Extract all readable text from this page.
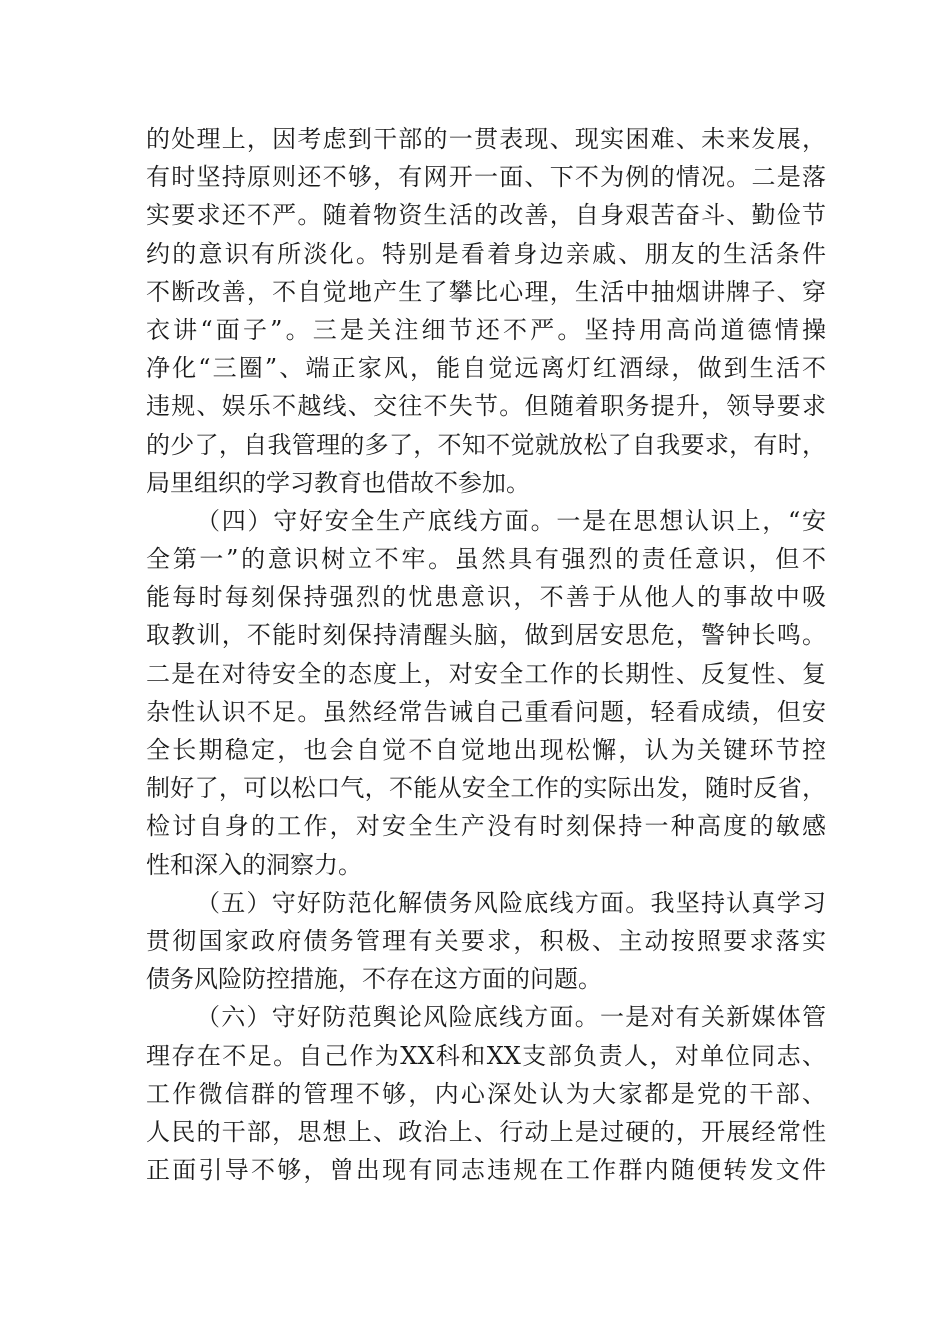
的处理上，因考虑到干部的一贯表现、现实困难、未来发展，
有时坚持原则还不够，有网开一面、下不为例的情况。二是落
实要求还不严。随着物资生活的改善，自身艰苦奋斗、勤俭节
约的意识有所淡化。特别是看着身边亲戚、朋友的生活条件
不断改善，不自觉地产生了攀比心理，生活中抽烟讲牌子、穿
衣讲“面子”。三是关注细节还不严。坚持用高尚道德情操
净化“三圈”、端正家风，能自觉远离灯红酒绿，做到生活不
违规、娱乐不越线、交往不失节。但随着职务提升，领导要求
的少了，自我管理的多了，不知不觉就放松了自我要求，有时，
局里组织的学习教育也借故不参加。
（四）守好安全生产底线方面。一是在思想认识上，“安
全第一”的意识树立不牢。虽然具有强烈的责任意识，但不
能每时每刻保持强烈的忧患意识，不善于从他人的事故中吸
取教训，不能时刻保持清醒头脑，做到居安思危，警钟长鸣。
二是在对待安全的态度上，对安全工作的长期性、反复性、复
杂性认识不足。虽然经常告诫自己重看问题，轻看成绩，但安
全长期稳定，也会自觉不自觉地出现松懈，认为关键环节控
制好了，可以松口气，不能从安全工作的实际出发，随时反省，
检讨自身的工作，对安全生产没有时刻保持一种高度的敏感
性和深入的洞察力。
（五）守好防范化解债务风险底线方面。我坚持认真学习
贯彻国家政府债务管理有关要求，积极、主动按照要求落实
债务风险防控措施，不存在这方面的问题。
（六）守好防范舆论风险底线方面。一是对有关新媒体管
理存在不足。自己作为XX科和XX支部负责人，对单位同志、
工作微信群的管理不够，内心深处认为大家都是党的干部、
人民的干部，思想上、政治上、行动上是过硬的，开展经常性
正面引导不够，曾出现有同志违规在工作群内随便转发文件
